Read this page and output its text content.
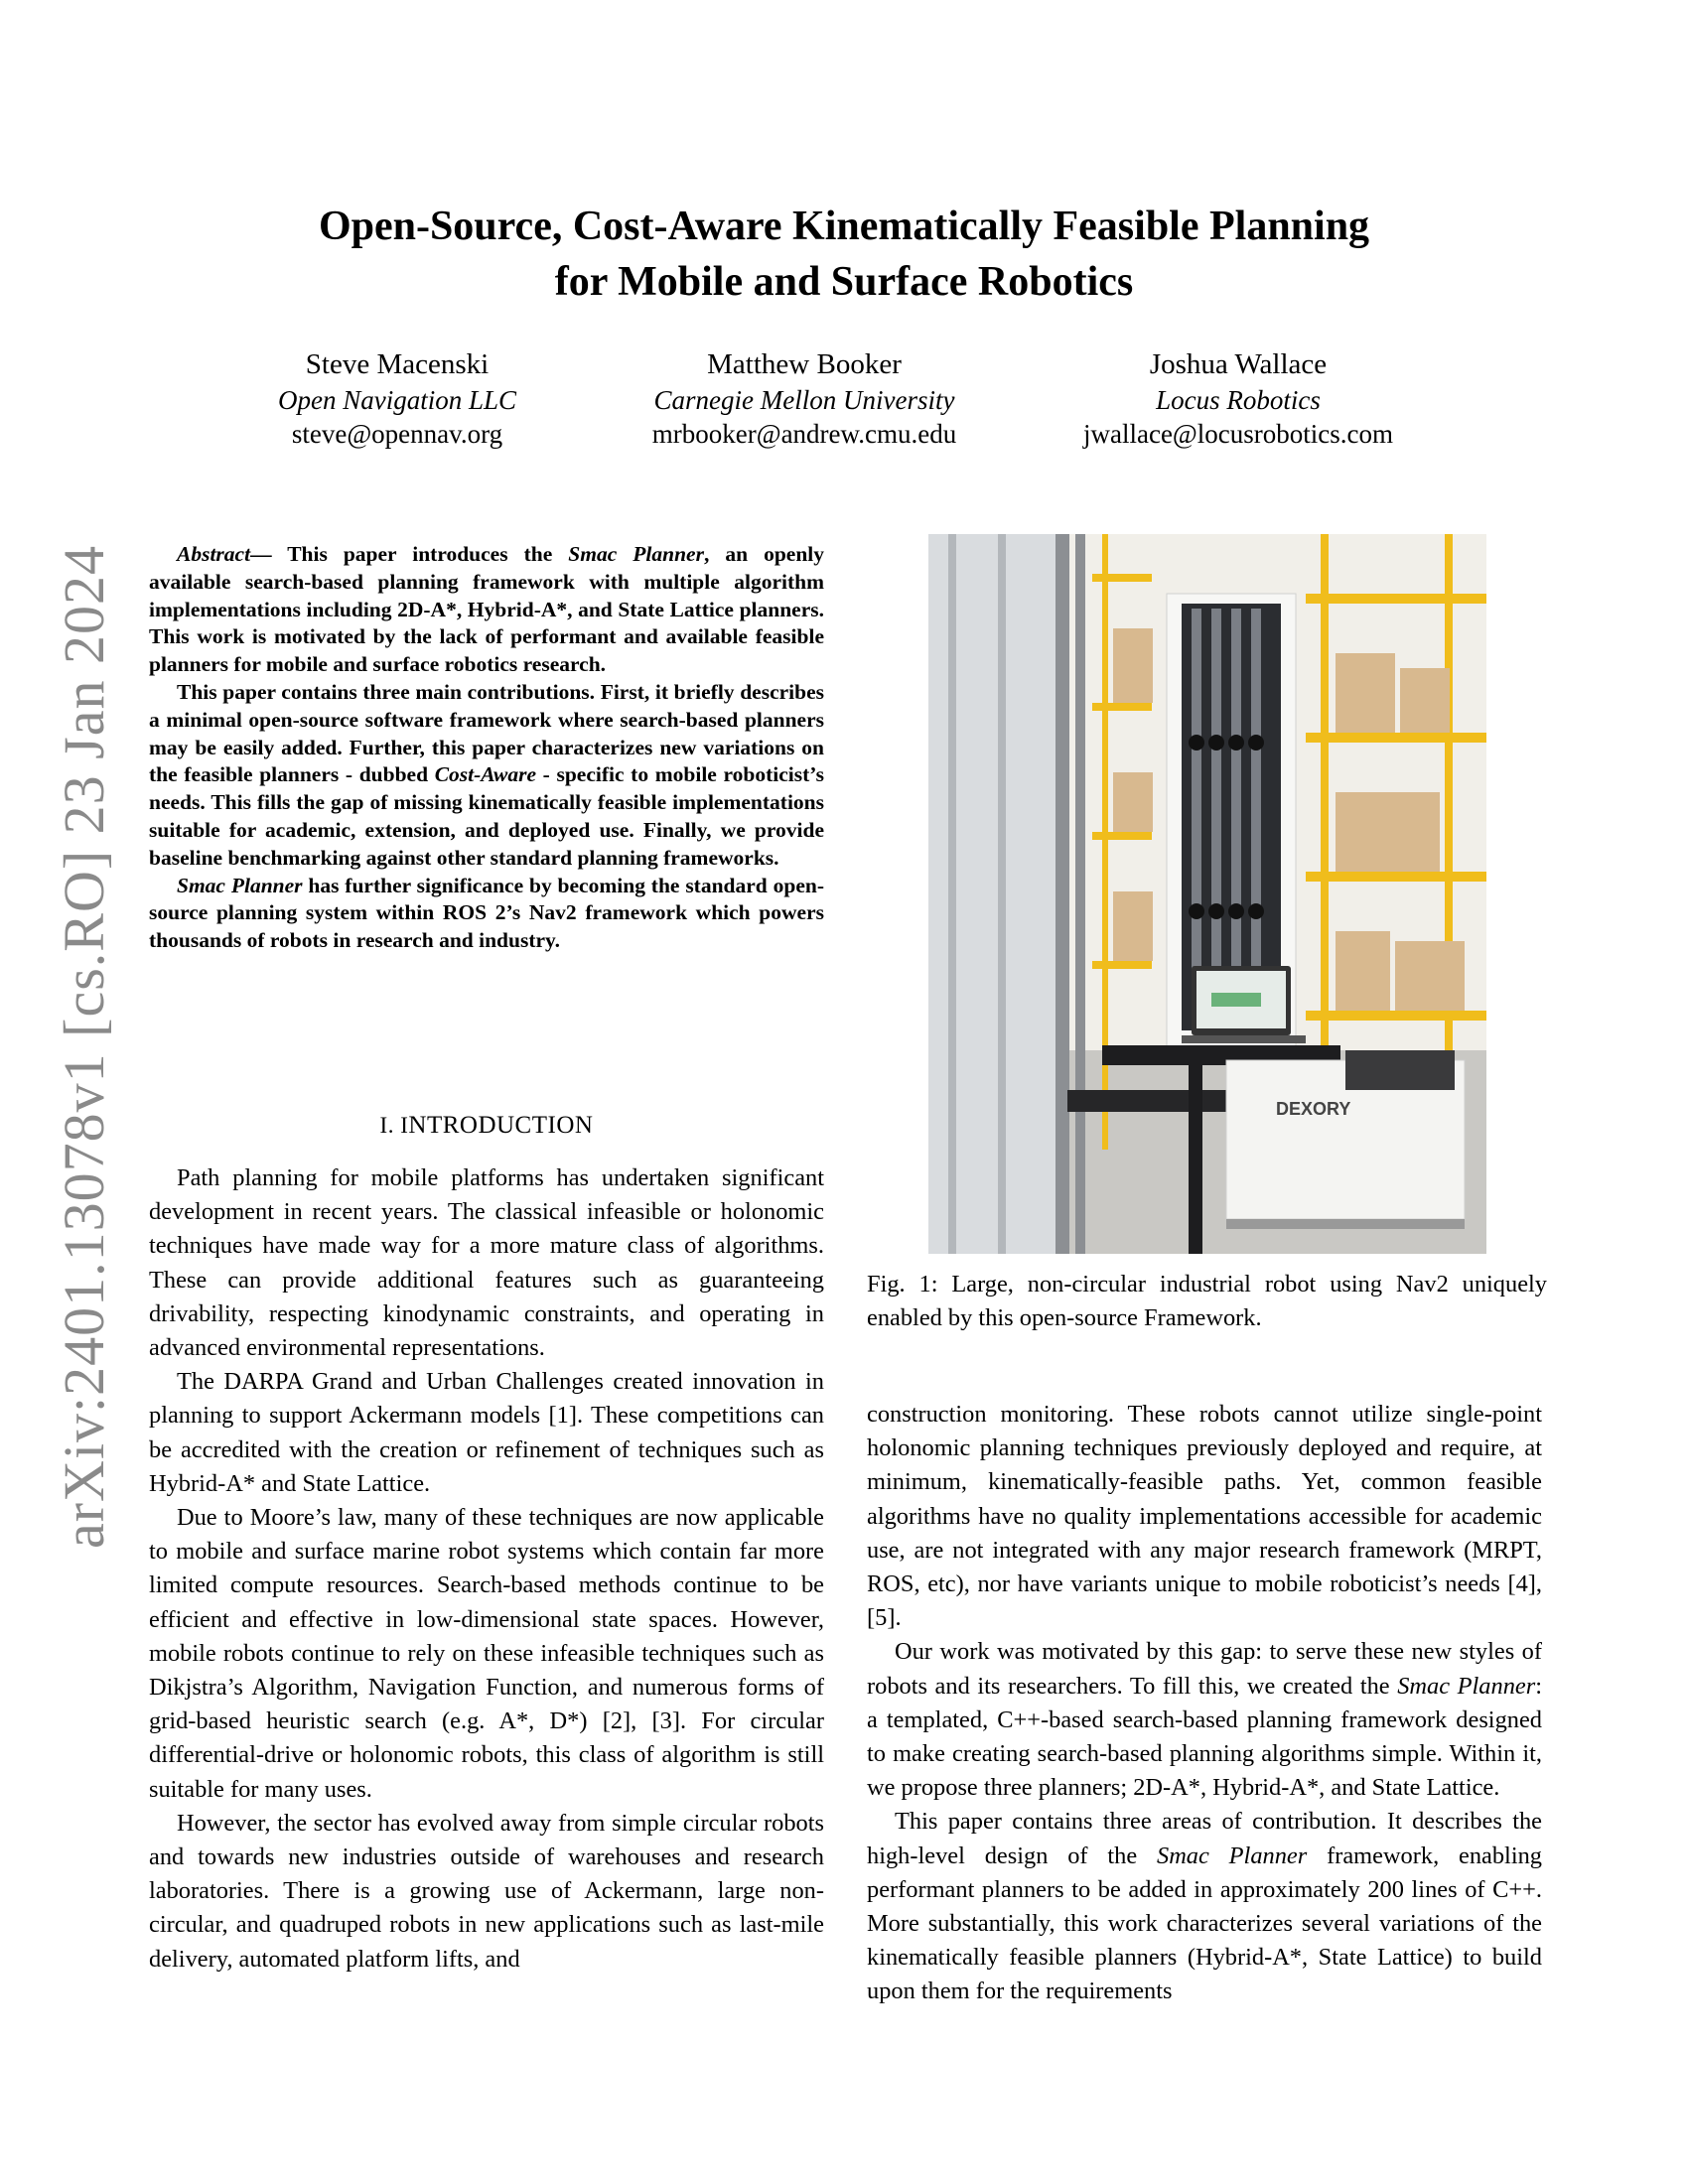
Open-Source, Cost-Aware Kinematically Feasible Planning
for Mobile and Surface Robotics
Steve Macenski
Open Navigation LLC
steve@opennav.org
Matthew Booker
Carnegie Mellon University
mrbooker@andrew.cmu.edu
Joshua Wallace
Locus Robotics
jwallace@locusrobotics.com
arXiv:2401.13078v1 [cs.RO] 23 Jan 2024	Abstract— This paper introduces the Smac Planner, an openly available search-based planning framework with multiple algorithm implementations including 2D-A*, Hybrid-A*, and State Lattice planners. This work is motivated by the lack of performant and available feasible planners for mobile and surface robotics research.

This paper contains three main contributions. First, it briefly describes a minimal open-source software framework where search-based planners may be easily added. Further, this paper characterizes new variations on the feasible planners - dubbed Cost-Aware - specific to mobile roboticist’s needs. This fills the gap of missing kinematically feasible implementations suitable for academic, extension, and deployed use. Finally, we provide baseline benchmarking against other standard planning frameworks.

Smac Planner has further significance by becoming the standard open-source planning system within ROS 2’s Nav2 framework which powers thousands of robots in research and industry.

I. INTRODUCTION

Path planning for mobile platforms has undertaken significant development in recent years. The classical infeasible or holonomic techniques have made way for a more mature class of algorithms. These can provide additional features such as guaranteeing drivability, respecting kinodynamic constraints, and operating in advanced environmental representations.

The DARPA Grand and Urban Challenges created innovation in planning to support Ackermann models [1]. These competitions can be accredited with the creation or refinement of techniques such as Hybrid-A* and State Lattice.

Due to Moore’s law, many of these techniques are now applicable to mobile and surface marine robot systems which contain far more limited compute resources. Search-based methods continue to be efficient and effective in low-dimensional state spaces. However, mobile robots continue to rely on these infeasible techniques such as Dikjstra’s Algorithm, Navigation Function, and numerous forms of grid-based heuristic search (e.g. A*, D*) [2], [3]. For circular differential-drive or holonomic robots, this class of algorithm is still suitable for many uses.

However, the sector has evolved away from simple circular robots and towards new industries outside of warehouses and research laboratories. There is a growing use of Ackermann, large non-circular, and quadruped robots in new applications such as last-mile delivery, automated platform lifts, and

DEXORY
Fig. 1: Large, non-circular industrial robot using Nav2 uniquely enabled by this open-source Framework.

construction monitoring. These robots cannot utilize single-point holonomic planning techniques previously deployed and require, at minimum, kinematically-feasible paths. Yet, common feasible algorithms have no quality implementations accessible for academic use, are not integrated with any major research framework (MRPT, ROS, etc), nor have variants unique to mobile roboticist’s needs [4], [5].

Our work was motivated by this gap: to serve these new styles of robots and its researchers. To fill this, we created the Smac Planner: a templated, C++-based search-based planning framework designed to make creating search-based planning algorithms simple. Within it, we propose three planners; 2D-A*, Hybrid-A*, and State Lattice.

This paper contains three areas of contribution. It describes the high-level design of the Smac Planner framework, enabling performant planners to be added in approximately 200 lines of C++. More substantially, this work characterizes several variations of the kinematically feasible planners (Hybrid-A*, State Lattice) to build upon them for the requirements
